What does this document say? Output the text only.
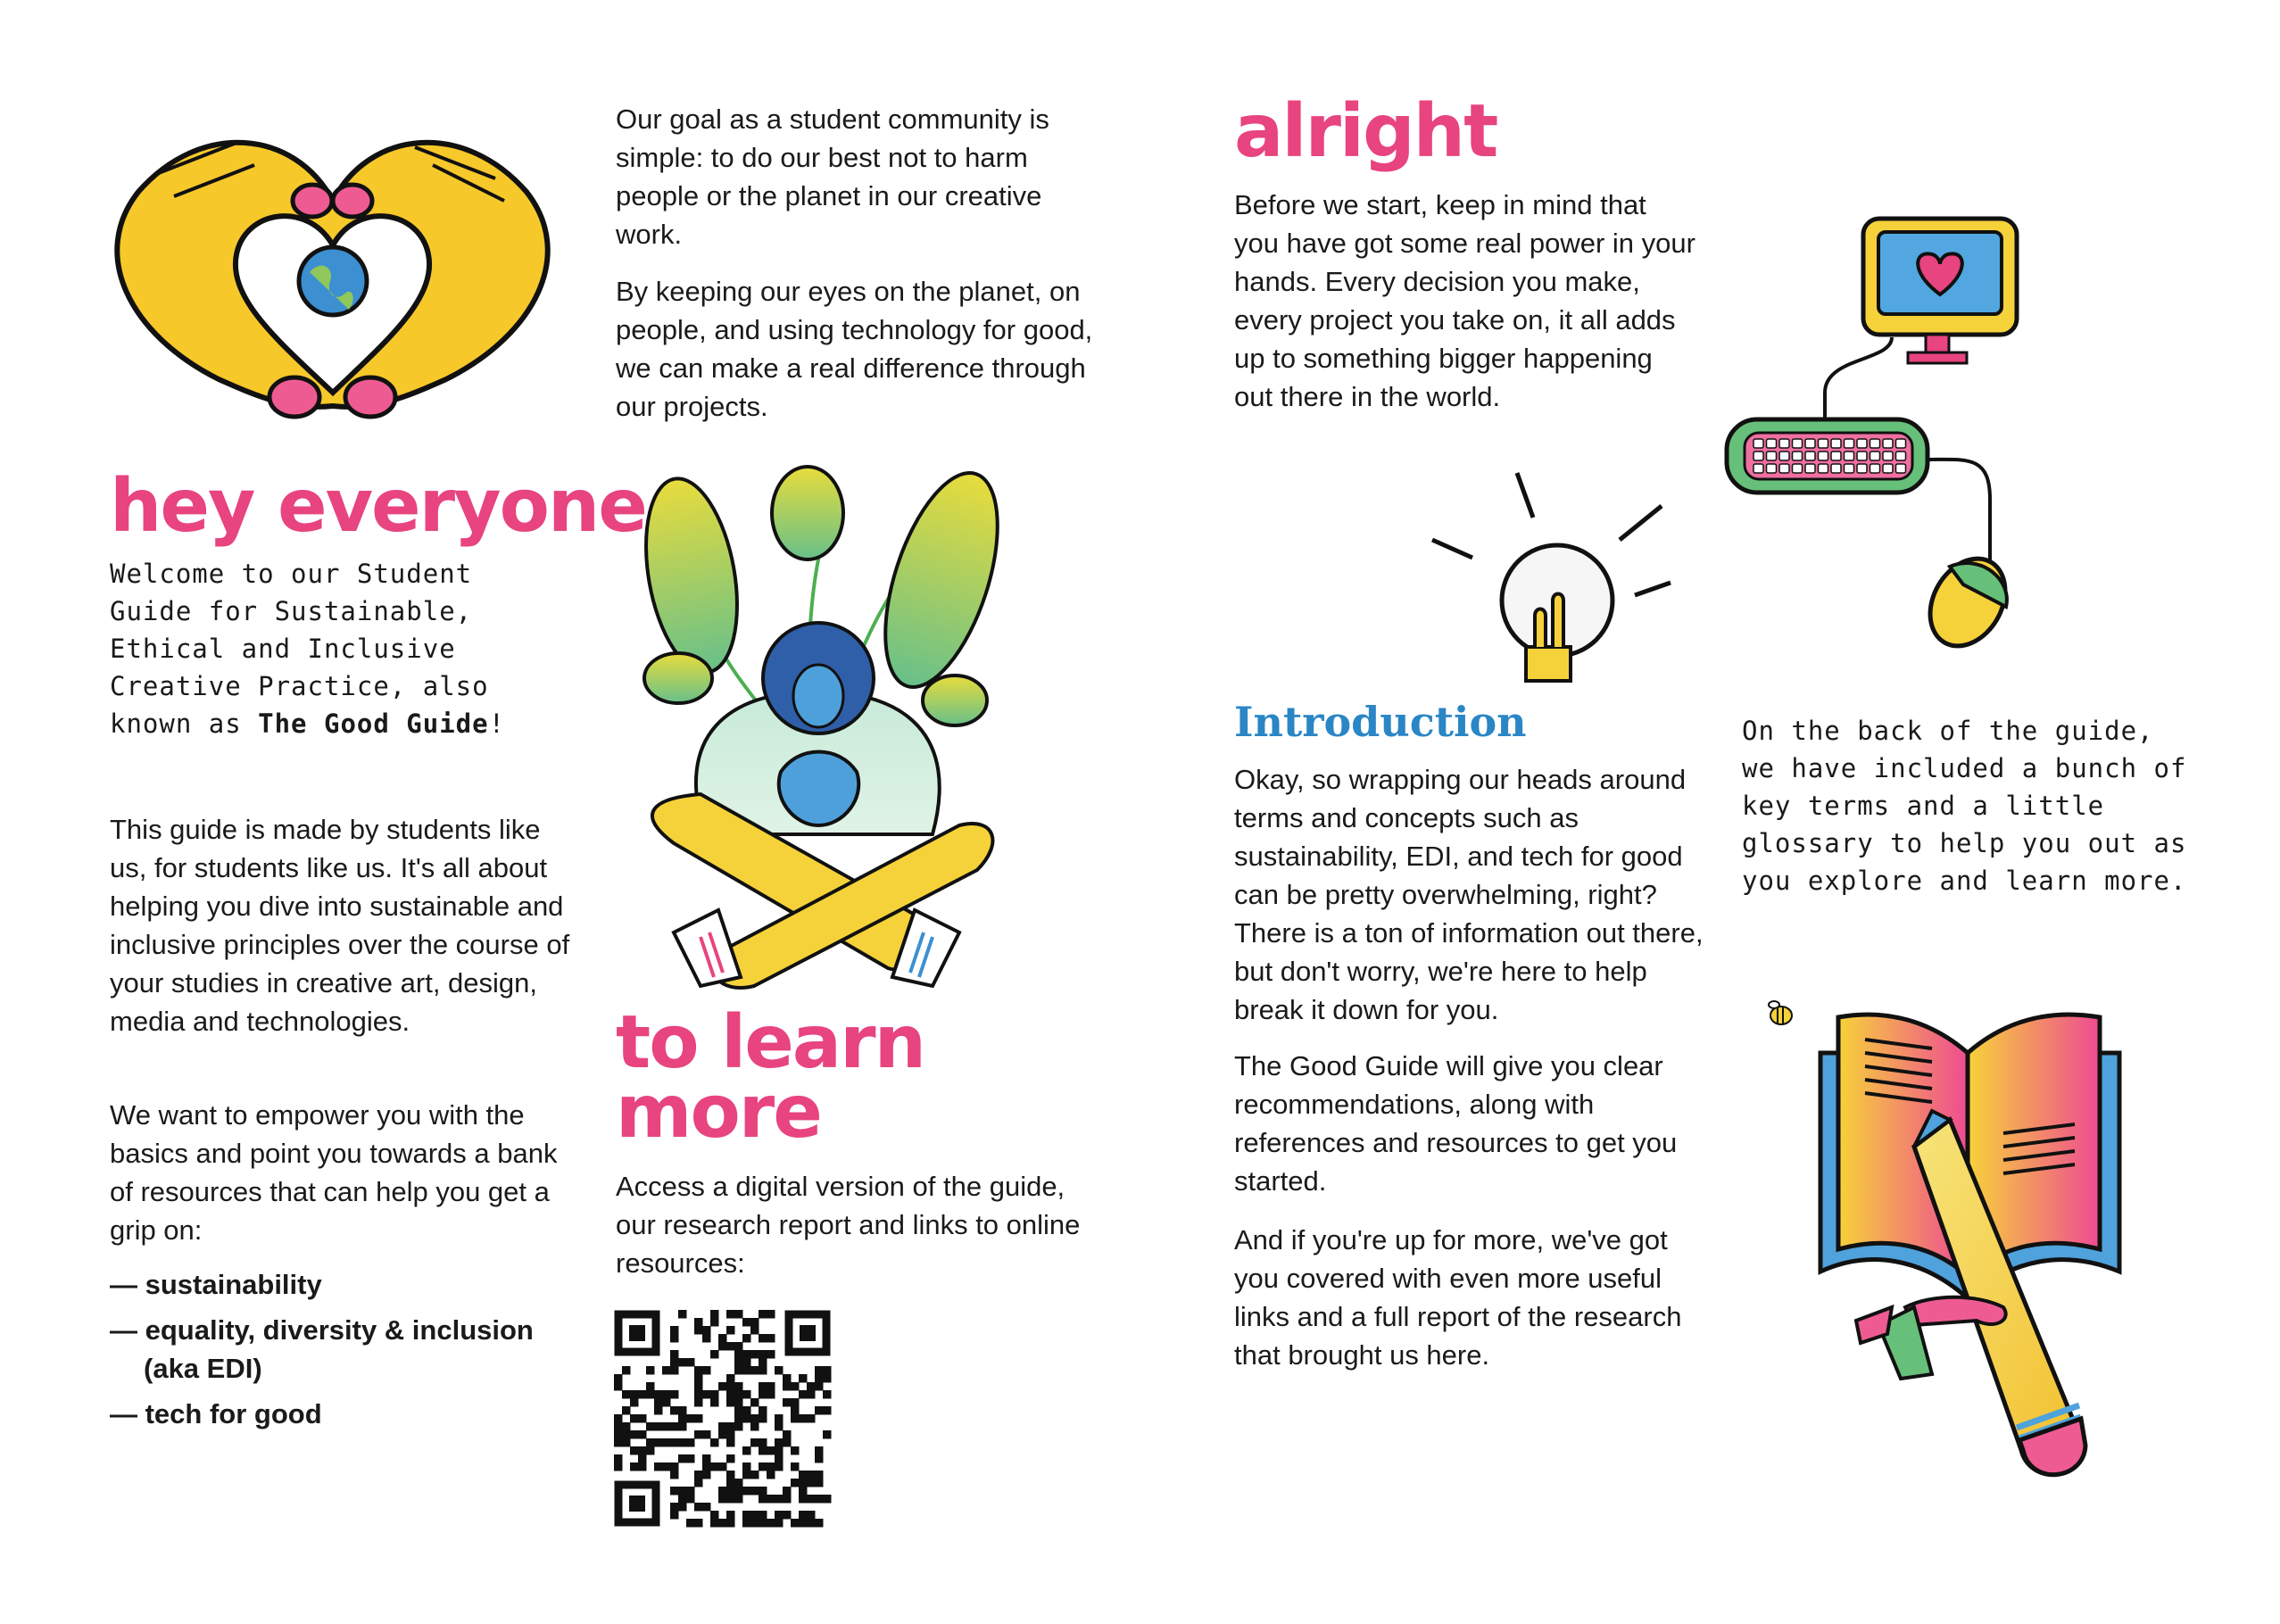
hey everyone

Welcome to our Student Guide for Sustainable, Ethical and Inclusive Creative Practice, also known as The Good Guide!

This guide is made by students like us, for students like us. It's all about helping you dive into sustainable and inclusive principles over the course of your studies in creative art, design, media and technologies.

We want to empower you with the basics and point you towards a bank of resources that can help you get a grip on:

— sustainability
— equality, diversity & inclusion (aka EDI)
— tech for good

Our goal as a student community is simple: to do our best not to harm people or the planet in our creative work.

By keeping our eyes on the planet, on people, and using technology for good, we can make a real difference through our projects.

to learn
more

Access a digital version of the guide, our research report and links to online resources:

alright

Before we start, keep in mind that you have got some real power in your hands. Every decision you make, every project you take on, it all adds up to something bigger happening out there in the world.

Introduction

Okay, so wrapping our heads around terms and concepts such as sustainability, EDI, and tech for good can be pretty overwhelming, right? There is a ton of information out there, but don't worry, we're here to help break it down for you.

The Good Guide will give you clear recommendations, along with references and resources to get you started.

And if you're up for more, we've got you covered with even more useful links and a full report of the research that brought us here.

On the back of the guide, we have included a bunch of key terms and a little glossary to help you out as you explore and learn more.
